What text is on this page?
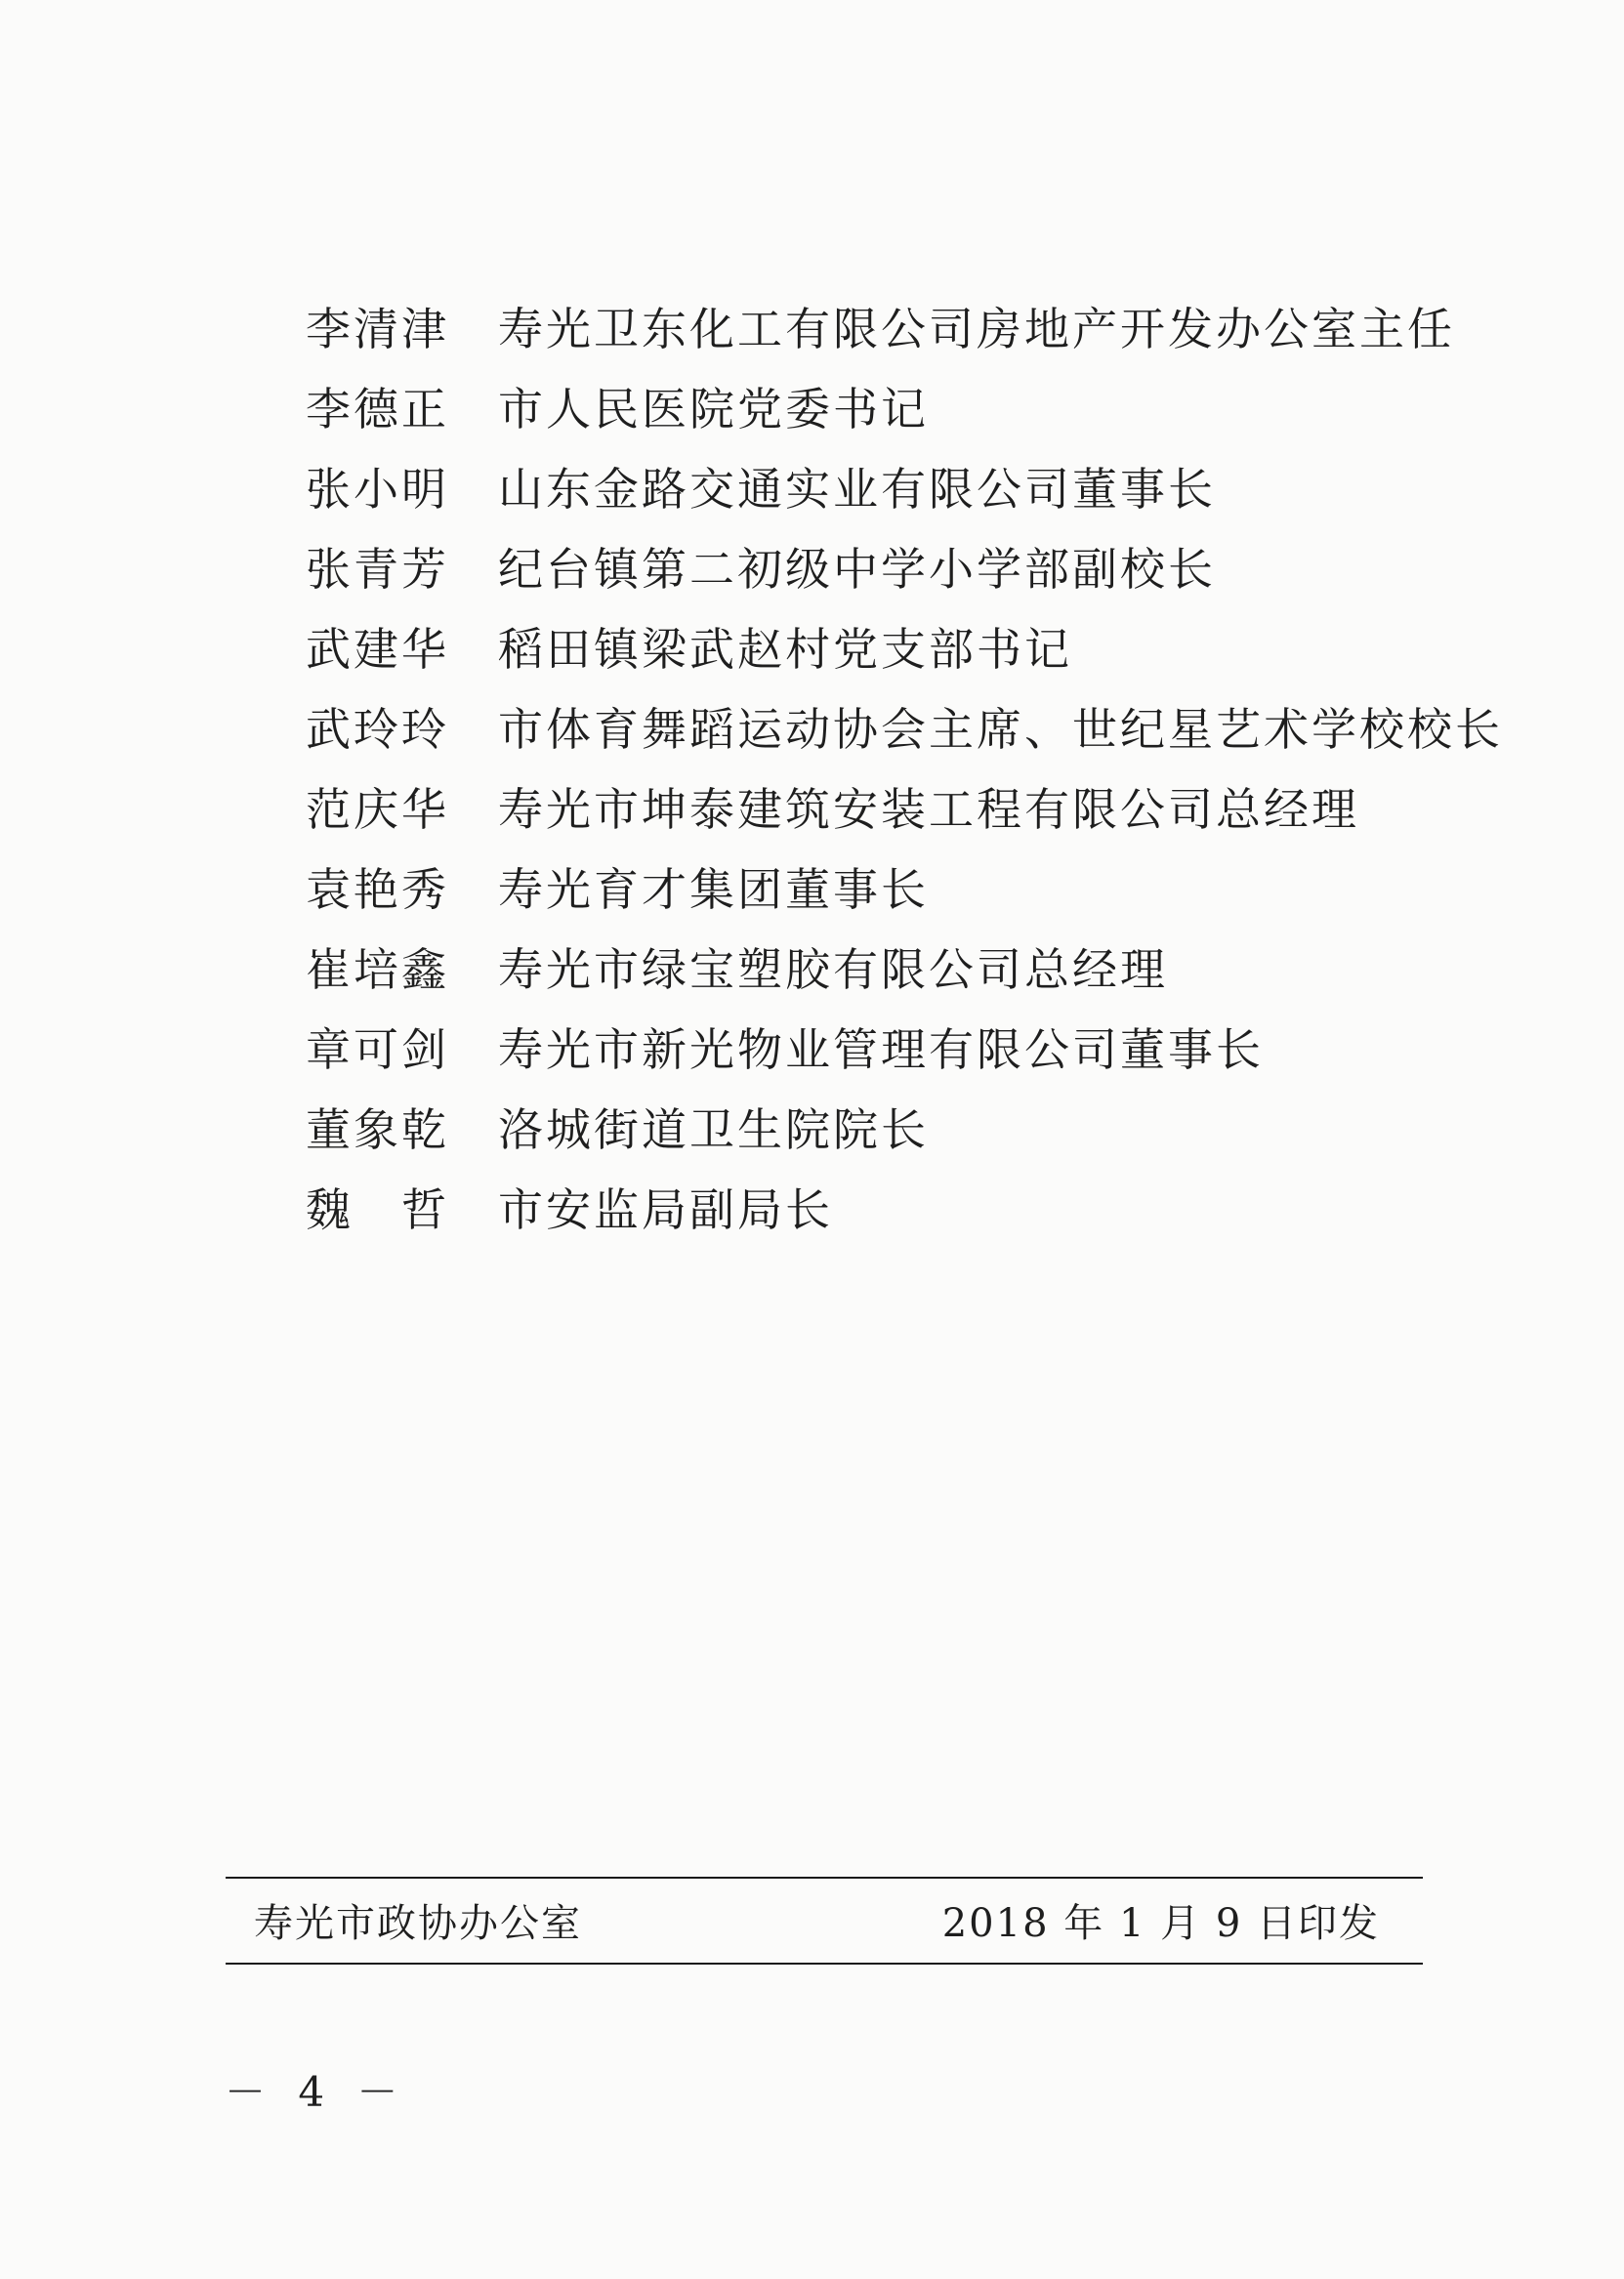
李清津	寿光卫东化工有限公司房地产开发办公室主任
李德正	市人民医院党委书记
张小明	山东金路交通实业有限公司董事长
张青芳	纪台镇第二初级中学小学部副校长
武建华	稻田镇梁武赵村党支部书记
武玲玲	市体育舞蹈运动协会主席、世纪星艺术学校校长
范庆华	寿光市坤泰建筑安装工程有限公司总经理
袁艳秀	寿光育才集团董事长
崔培鑫	寿光市绿宝塑胶有限公司总经理
章可剑	寿光市新光物业管理有限公司董事长
董象乾	洛城街道卫生院院长
魏　哲	市安监局副局长
寿光市政协办公室	2018 年 1 月 9 日印发
－ 4 －
